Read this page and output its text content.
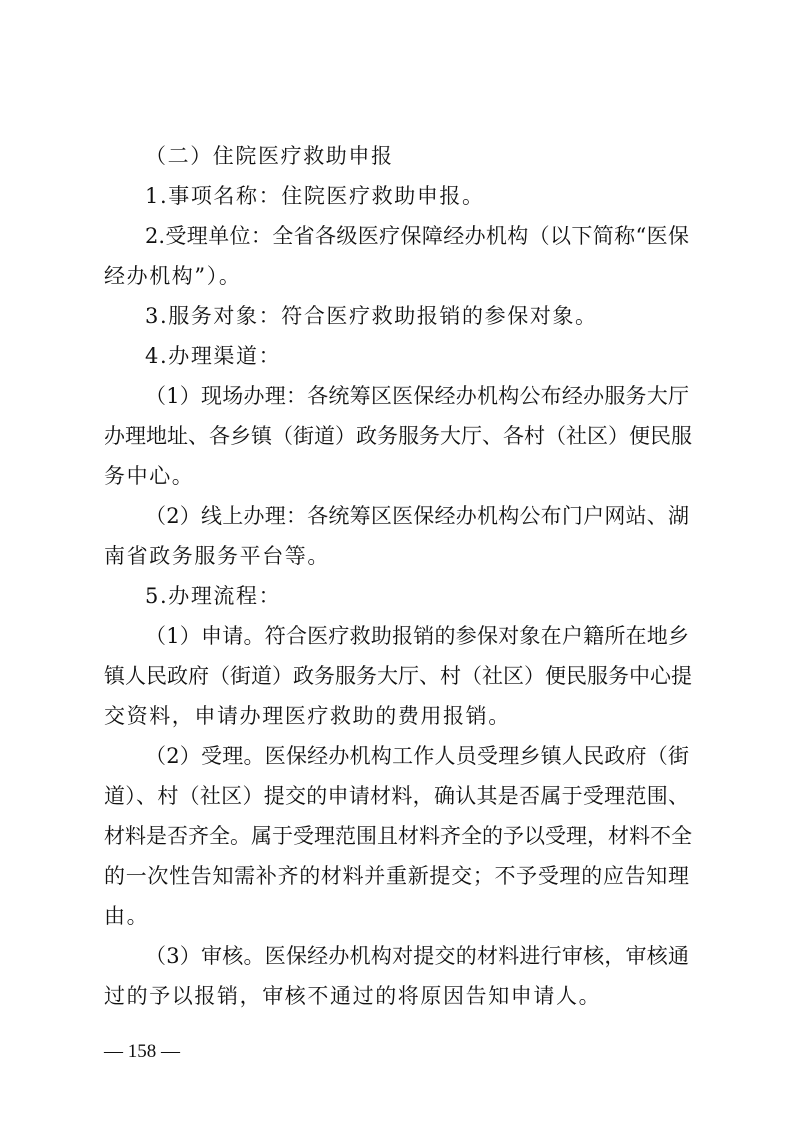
（二）住院医疗救助申报
1.事项名称：住院医疗救助申报。
2.受理单位：全省各级医疗保障经办机构（以下简称“医保
经办机构”）。
3.服务对象：符合医疗救助报销的参保对象。
4.办理渠道：
（1）现场办理：各统筹区医保经办机构公布经办服务大厅
办理地址、各乡镇（街道）政务服务大厅、各村（社区）便民服
务中心。
（2）线上办理：各统筹区医保经办机构公布门户网站、湖
南省政务服务平台等。
5.办理流程：
（1）申请。符合医疗救助报销的参保对象在户籍所在地乡
镇人民政府（街道）政务服务大厅、村（社区）便民服务中心提
交资料，申请办理医疗救助的费用报销。
（2）受理。医保经办机构工作人员受理乡镇人民政府（街
道）、村（社区）提交的申请材料，确认其是否属于受理范围、
材料是否齐全。属于受理范围且材料齐全的予以受理，材料不全
的一次性告知需补齐的材料并重新提交；不予受理的应告知理
由。
（3）审核。医保经办机构对提交的材料进行审核，审核通
过的予以报销，审核不通过的将原因告知申请人。
— 158 —
